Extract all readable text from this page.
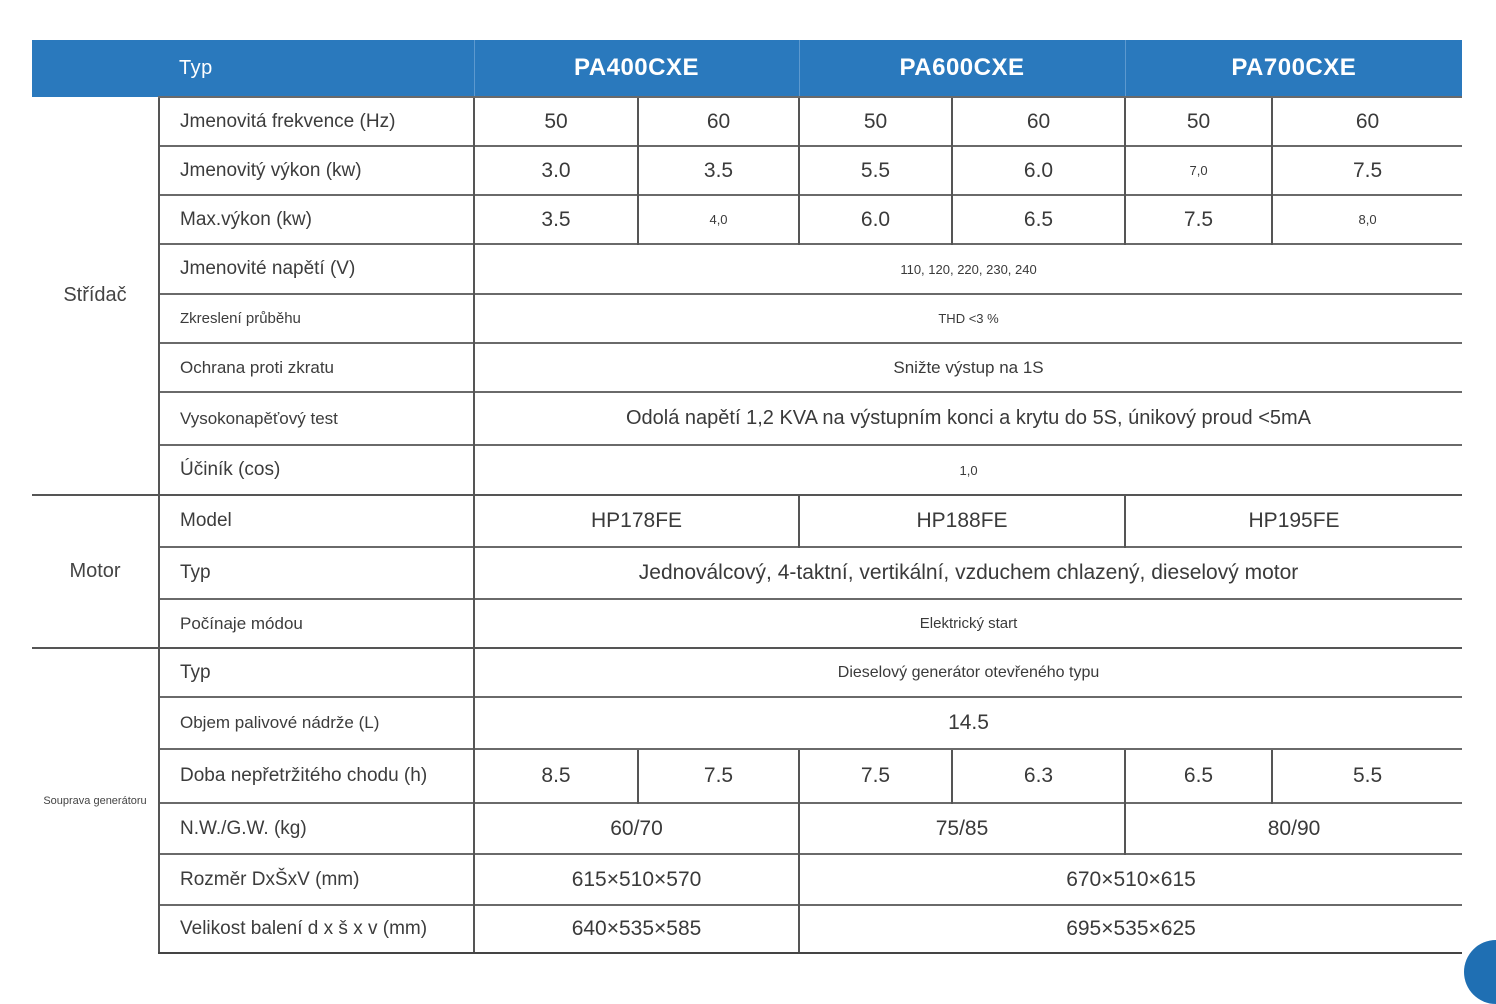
Typ		PA400CXE		PA600CXE		PA700CXE	
Střídač	Jmenovitá frekvence (Hz)	50	60	50	60	50	60
	Jmenovitý výkon (kw)	3.0	3.5	5.5	6.0	7,0	7.5
	Max.výkon (kw)	3.5	4,0	6.0	6.5	7.5	8,0
	Jmenovité napětí (V)	110, 120, 220, 230, 240					
	Zkreslení průběhu	THD <3 %					
	Ochrana proti zkratu	Snižte výstup na 1S					
	Vysokonapěťový test	Odolá napětí 1,2 KVA na výstupním konci a krytu do 5S, únikový proud <5mA					
	Účiník (cos)	1,0					
Motor	Model	HP178FE		HP188FE		HP195FE	
	Typ	Jednoválcový, 4-taktní, vertikální, vzduchem chlazený, dieselový motor					
	Počínaje módou	Elektrický start					
Souprava generátoru	Typ	Dieselový generátor otevřeného typu					
	Objem palivové nádrže (L)	14.5					
	Doba nepřetržitého chodu (h)	8.5	7.5	7.5	6.3	6.5	5.5
	N.W./G.W. (kg)	60/70		75/85		80/90	
	Rozměr DxŠxV (mm)	615×510×570		670×510×615			
	Velikost balení d x š x v (mm)	640×535×585		695×535×625			
